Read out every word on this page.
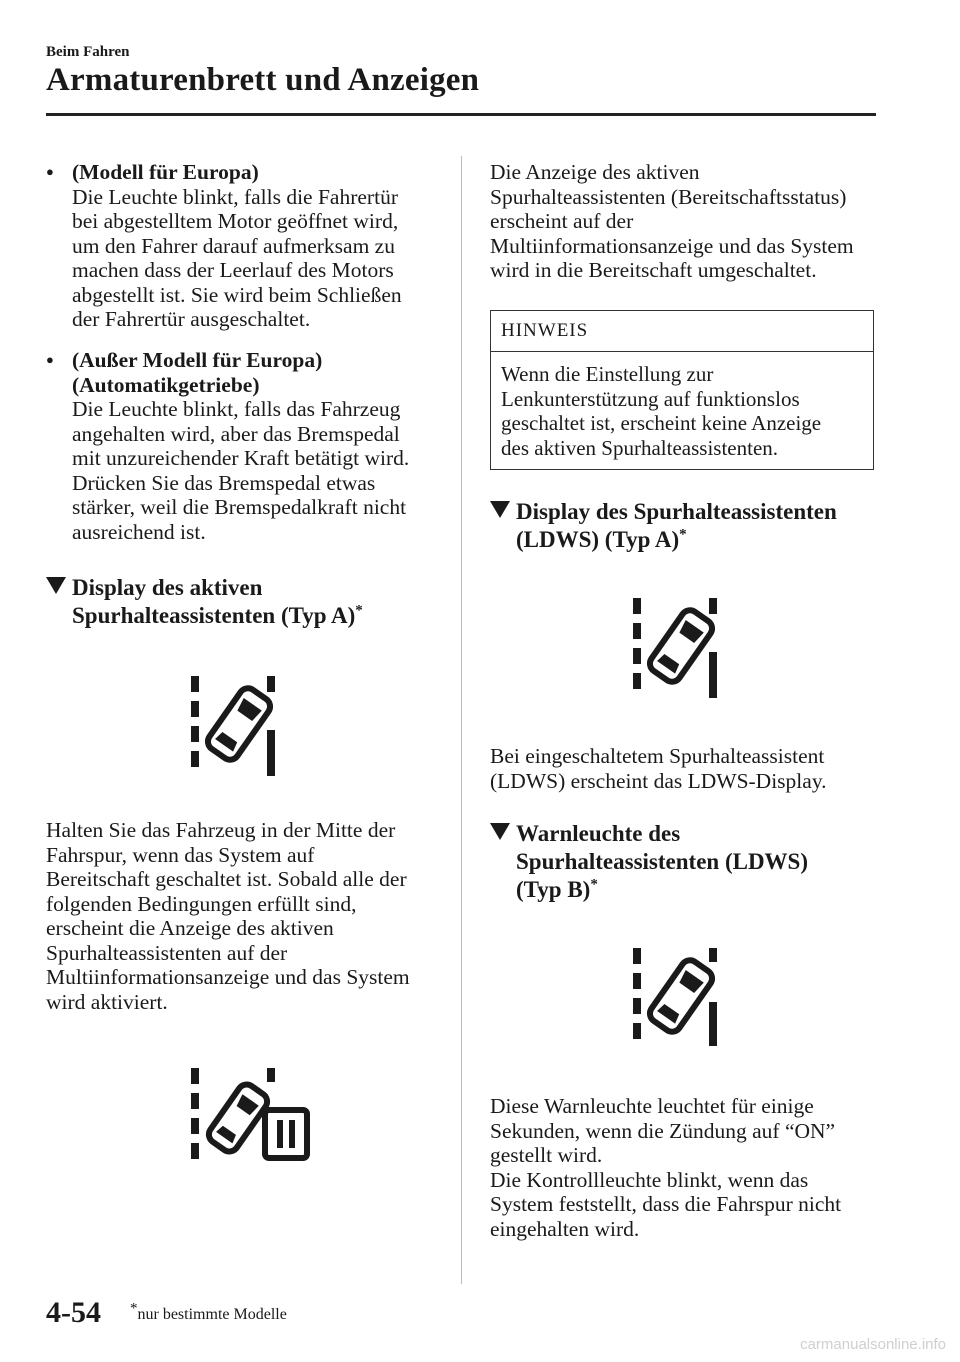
Beim Fahren
Armaturenbrett und Anzeigen
● (Modell für Europa)
Die Leuchte blinkt, falls die Fahrertür
bei abgestelltem Motor geöffnet wird,
um den Fahrer darauf aufmerksam zu
machen dass der Leerlauf des Motors
abgestellt ist. Sie wird beim Schließen
der Fahrertür ausgeschaltet.
● (Außer Modell für Europa)
(Automatikgetriebe)
Die Leuchte blinkt, falls das Fahrzeug
angehalten wird, aber das Bremspedal
mit unzureichender Kraft betätigt wird.
Drücken Sie das Bremspedal etwas
stärker, weil die Bremspedalkraft nicht
ausreichend ist.
Display des aktiven
Spurhalteassistenten (Typ A)*
Halten Sie das Fahrzeug in der Mitte der
Fahrspur, wenn das System auf
Bereitschaft geschaltet ist. Sobald alle der
folgenden Bedingungen erfüllt sind,
erscheint die Anzeige des aktiven
Spurhalteassistenten auf der
Multiinformationsanzeige und das System
wird aktiviert.
Die Anzeige des aktiven
Spurhalteassistenten (Bereitschaftsstatus)
erscheint auf der
Multiinformationsanzeige und das System
wird in die Bereitschaft umgeschaltet.
HINWEIS
Wenn die Einstellung zur
Lenkunterstützung auf funktionslos
geschaltet ist, erscheint keine Anzeige
des aktiven Spurhalteassistenten.
Display des Spurhalteassistenten
(LDWS) (Typ A)*
Bei eingeschaltetem Spurhalteassistent
(LDWS) erscheint das LDWS-Display.
Warnleuchte des
Spurhalteassistenten (LDWS)
(Typ B)*
Diese Warnleuchte leuchtet für einige
Sekunden, wenn die Zündung auf “ON”
gestellt wird.
Die Kontrollleuchte blinkt, wenn das
System feststellt, dass die Fahrspur nicht
eingehalten wird.
4-54 *nur bestimmte Modelle
carmanualsonline.info
